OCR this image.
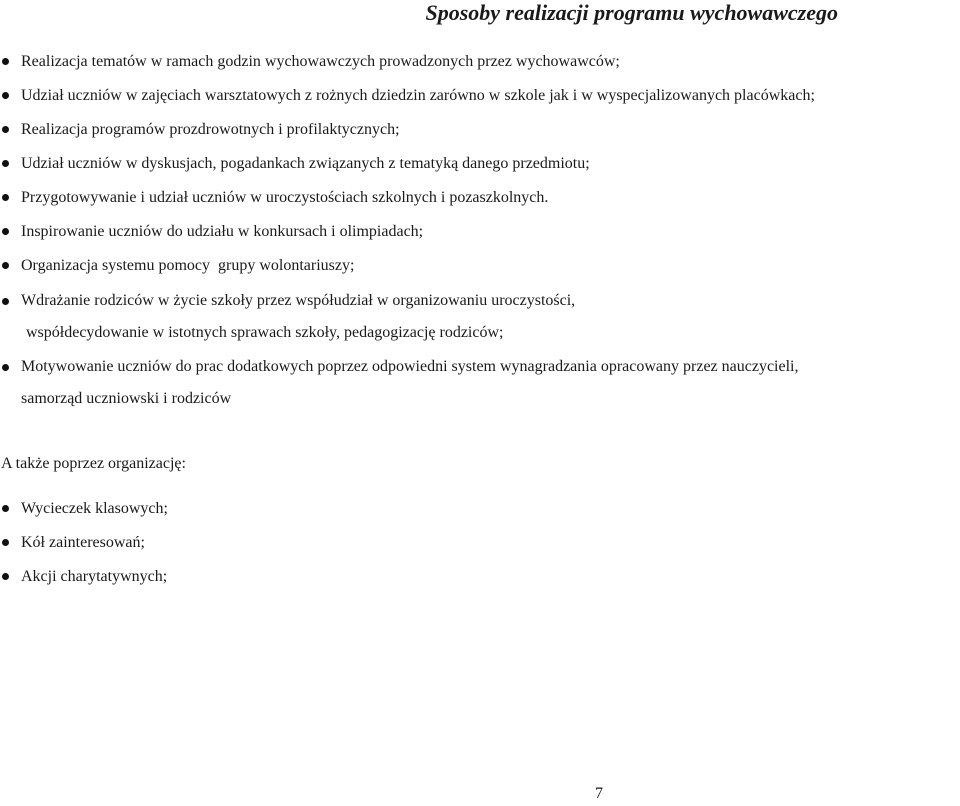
Sposoby realizacji programu wychowawczego
Realizacja tematów w ramach godzin wychowawczych prowadzonych przez wychowawców;
Udział uczniów w zajęciach warsztatowych z rożnych dziedzin zarówno w szkole jak i w wyspecjalizowanych placówkach;
Realizacja programów prozdrowotnych i profilaktycznych;
Udział uczniów w dyskusjach, pogadankach związanych z tematyką danego przedmiotu;
Przygotowywanie i udział uczniów w uroczystościach szkolnych i pozaszkolnych.
Inspirowanie uczniów do udziału w konkursach i olimpiadach;
Organizacja systemu pomocy  grupy wolontariuszy;
Wdrażanie rodziców w życie szkoły przez współudział w organizowaniu uroczystości,
współdecydowanie w istotnych sprawach szkoły, pedagogizację rodziców;
Motywowanie uczniów do prac dodatkowych poprzez odpowiedni system wynagradzania opracowany przez nauczycieli,
samorząd uczniowski i rodziców
A także poprzez organizację:
Wycieczek klasowych;
Kół zainteresowań;
Akcji charytatywnych;
7
